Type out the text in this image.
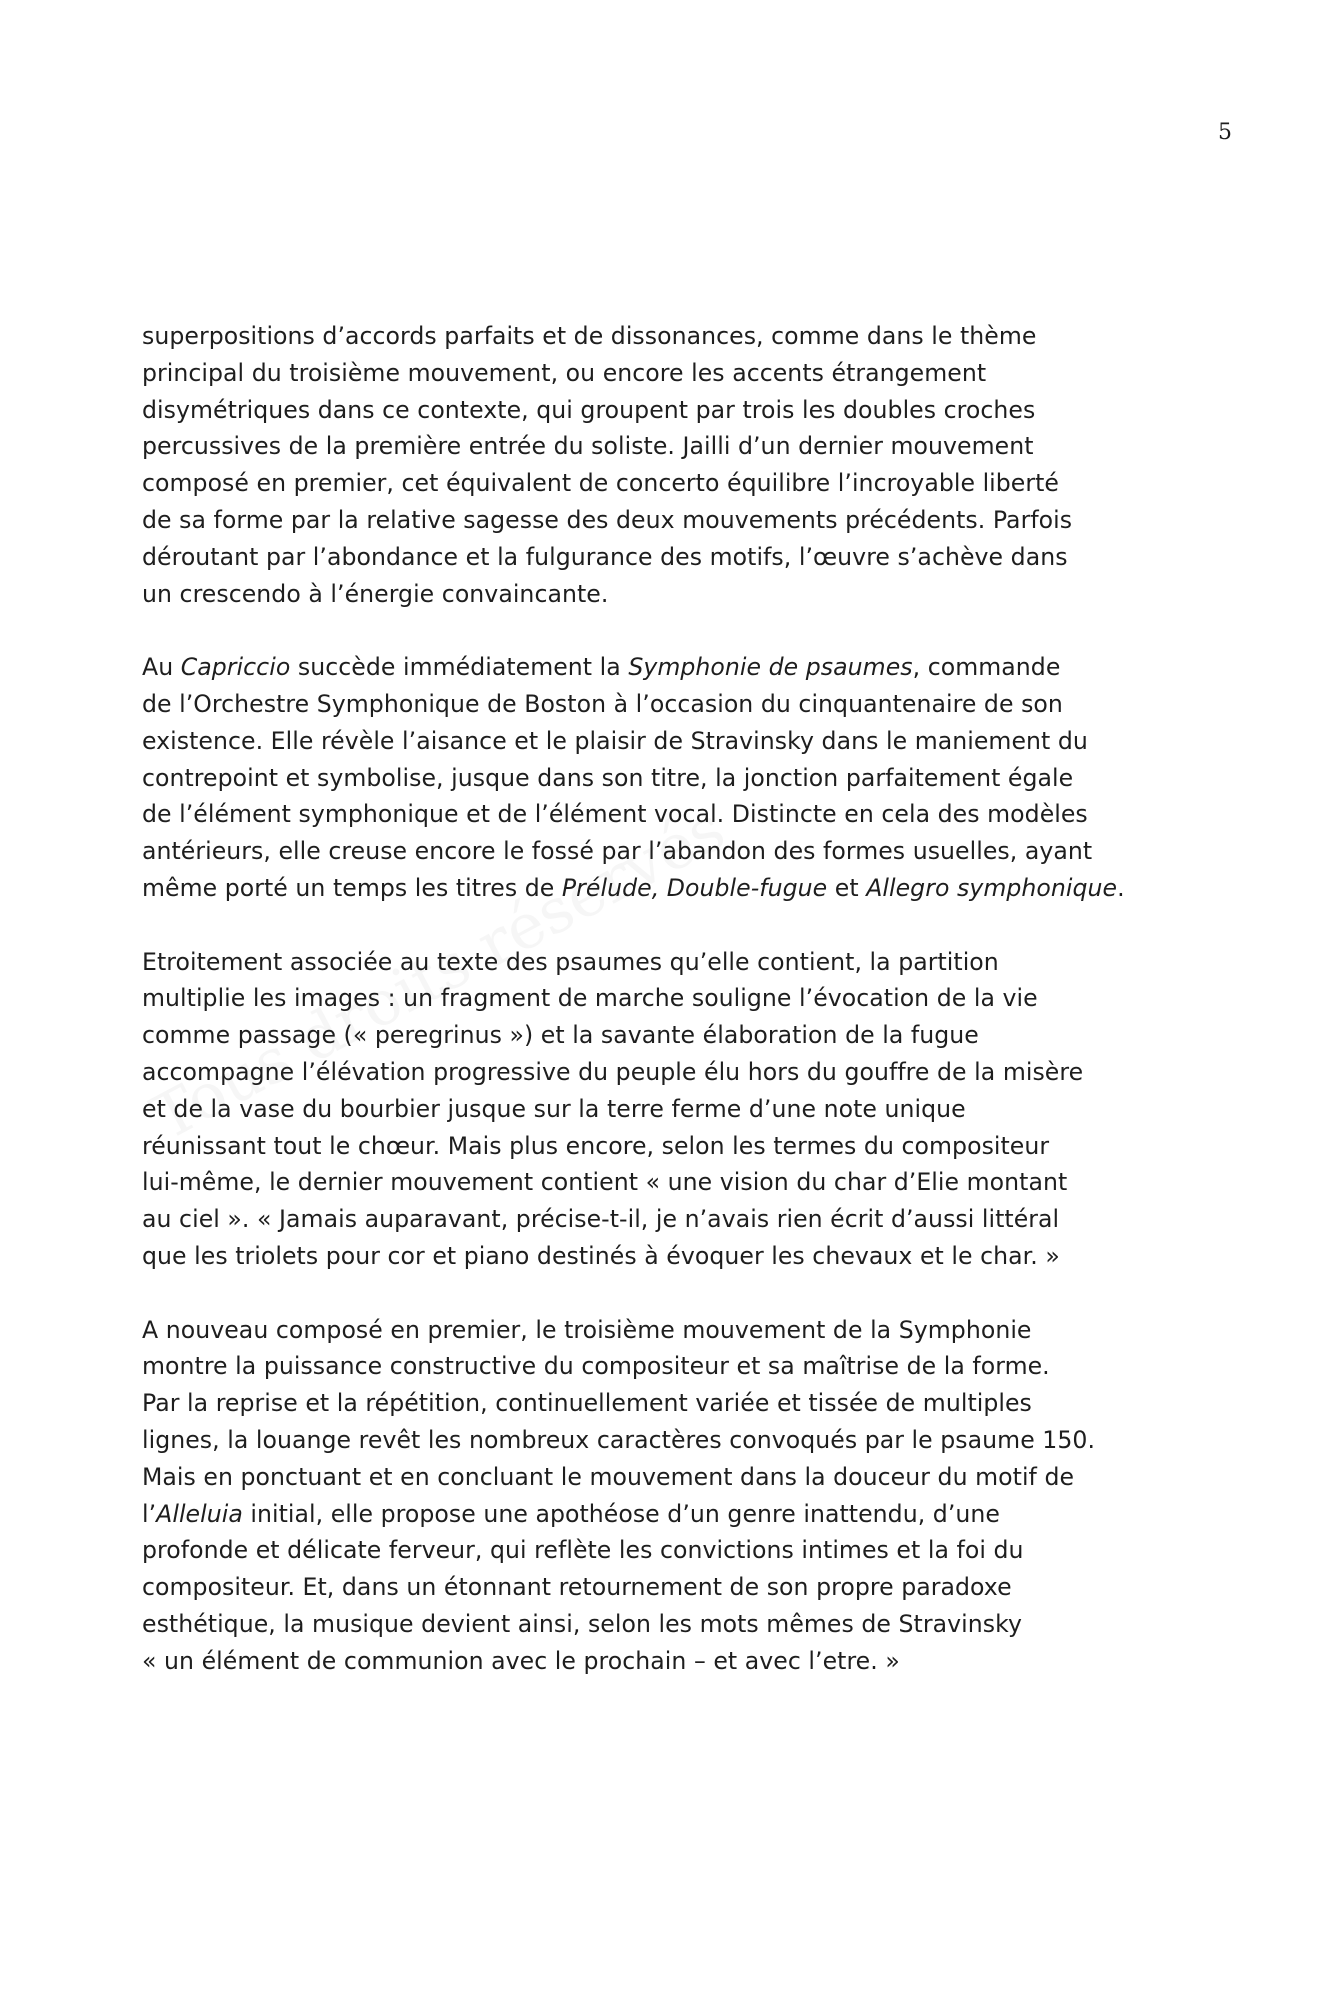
5
superpositions d’accords parfaits et de dissonances, comme dans le thème
principal du troisième mouvement, ou encore les accents étrangement
disymétriques dans ce contexte, qui groupent par trois les doubles croches
percussives de la première entrée du soliste. Jailli d’un dernier mouvement
composé en premier, cet équivalent de concerto équilibre l’incroyable liberté
de sa forme par la relative sagesse des deux mouvements précédents. Parfois
déroutant par l’abondance et la fulgurance des motifs, l’œuvre s’achève dans
un crescendo à l’énergie convaincante.
Au Capriccio succède immédiatement la Symphonie de psaumes, commande
de l’Orchestre Symphonique de Boston à l’occasion du cinquantenaire de son
existence. Elle révèle l’aisance et le plaisir de Stravinsky dans le maniement du
contrepoint et symbolise, jusque dans son titre, la jonction parfaitement égale
de l’élément symphonique et de l’élément vocal. Distincte en cela des modèles
antérieurs, elle creuse encore le fossé par l’abandon des formes usuelles, ayant
même porté un temps les titres de Prélude, Double-fugue et Allegro symphonique.
Etroitement associée au texte des psaumes qu’elle contient, la partition
multiplie les images : un fragment de marche souligne l’évocation de la vie
comme passage (« peregrinus ») et la savante élaboration de la fugue
accompagne l’élévation progressive du peuple élu hors du gouffre de la misère
et de la vase du bourbier jusque sur la terre ferme d’une note unique
réunissant tout le chœur. Mais plus encore, selon les termes du compositeur
lui-même, le dernier mouvement contient « une vision du char d’Elie montant
au ciel ». « Jamais auparavant, précise-t-il, je n’avais rien écrit d’aussi littéral
que les triolets pour cor et piano destinés à évoquer les chevaux et le char. »
A nouveau composé en premier, le troisième mouvement de la Symphonie
montre la puissance constructive du compositeur et sa maîtrise de la forme.
Par la reprise et la répétition, continuellement variée et tissée de multiples
lignes, la louange revêt les nombreux caractères convoqués par le psaume 150.
Mais en ponctuant et en concluant le mouvement dans la douceur du motif de
l’Alleluia initial, elle propose une apothéose d’un genre inattendu, d’une
profonde et délicate ferveur, qui reflète les convictions intimes et la foi du
compositeur. Et, dans un étonnant retournement de son propre paradoxe
esthétique, la musique devient ainsi, selon les mots mêmes de Stravinsky
« un élément de communion avec le prochain – et avec l’etre. »
